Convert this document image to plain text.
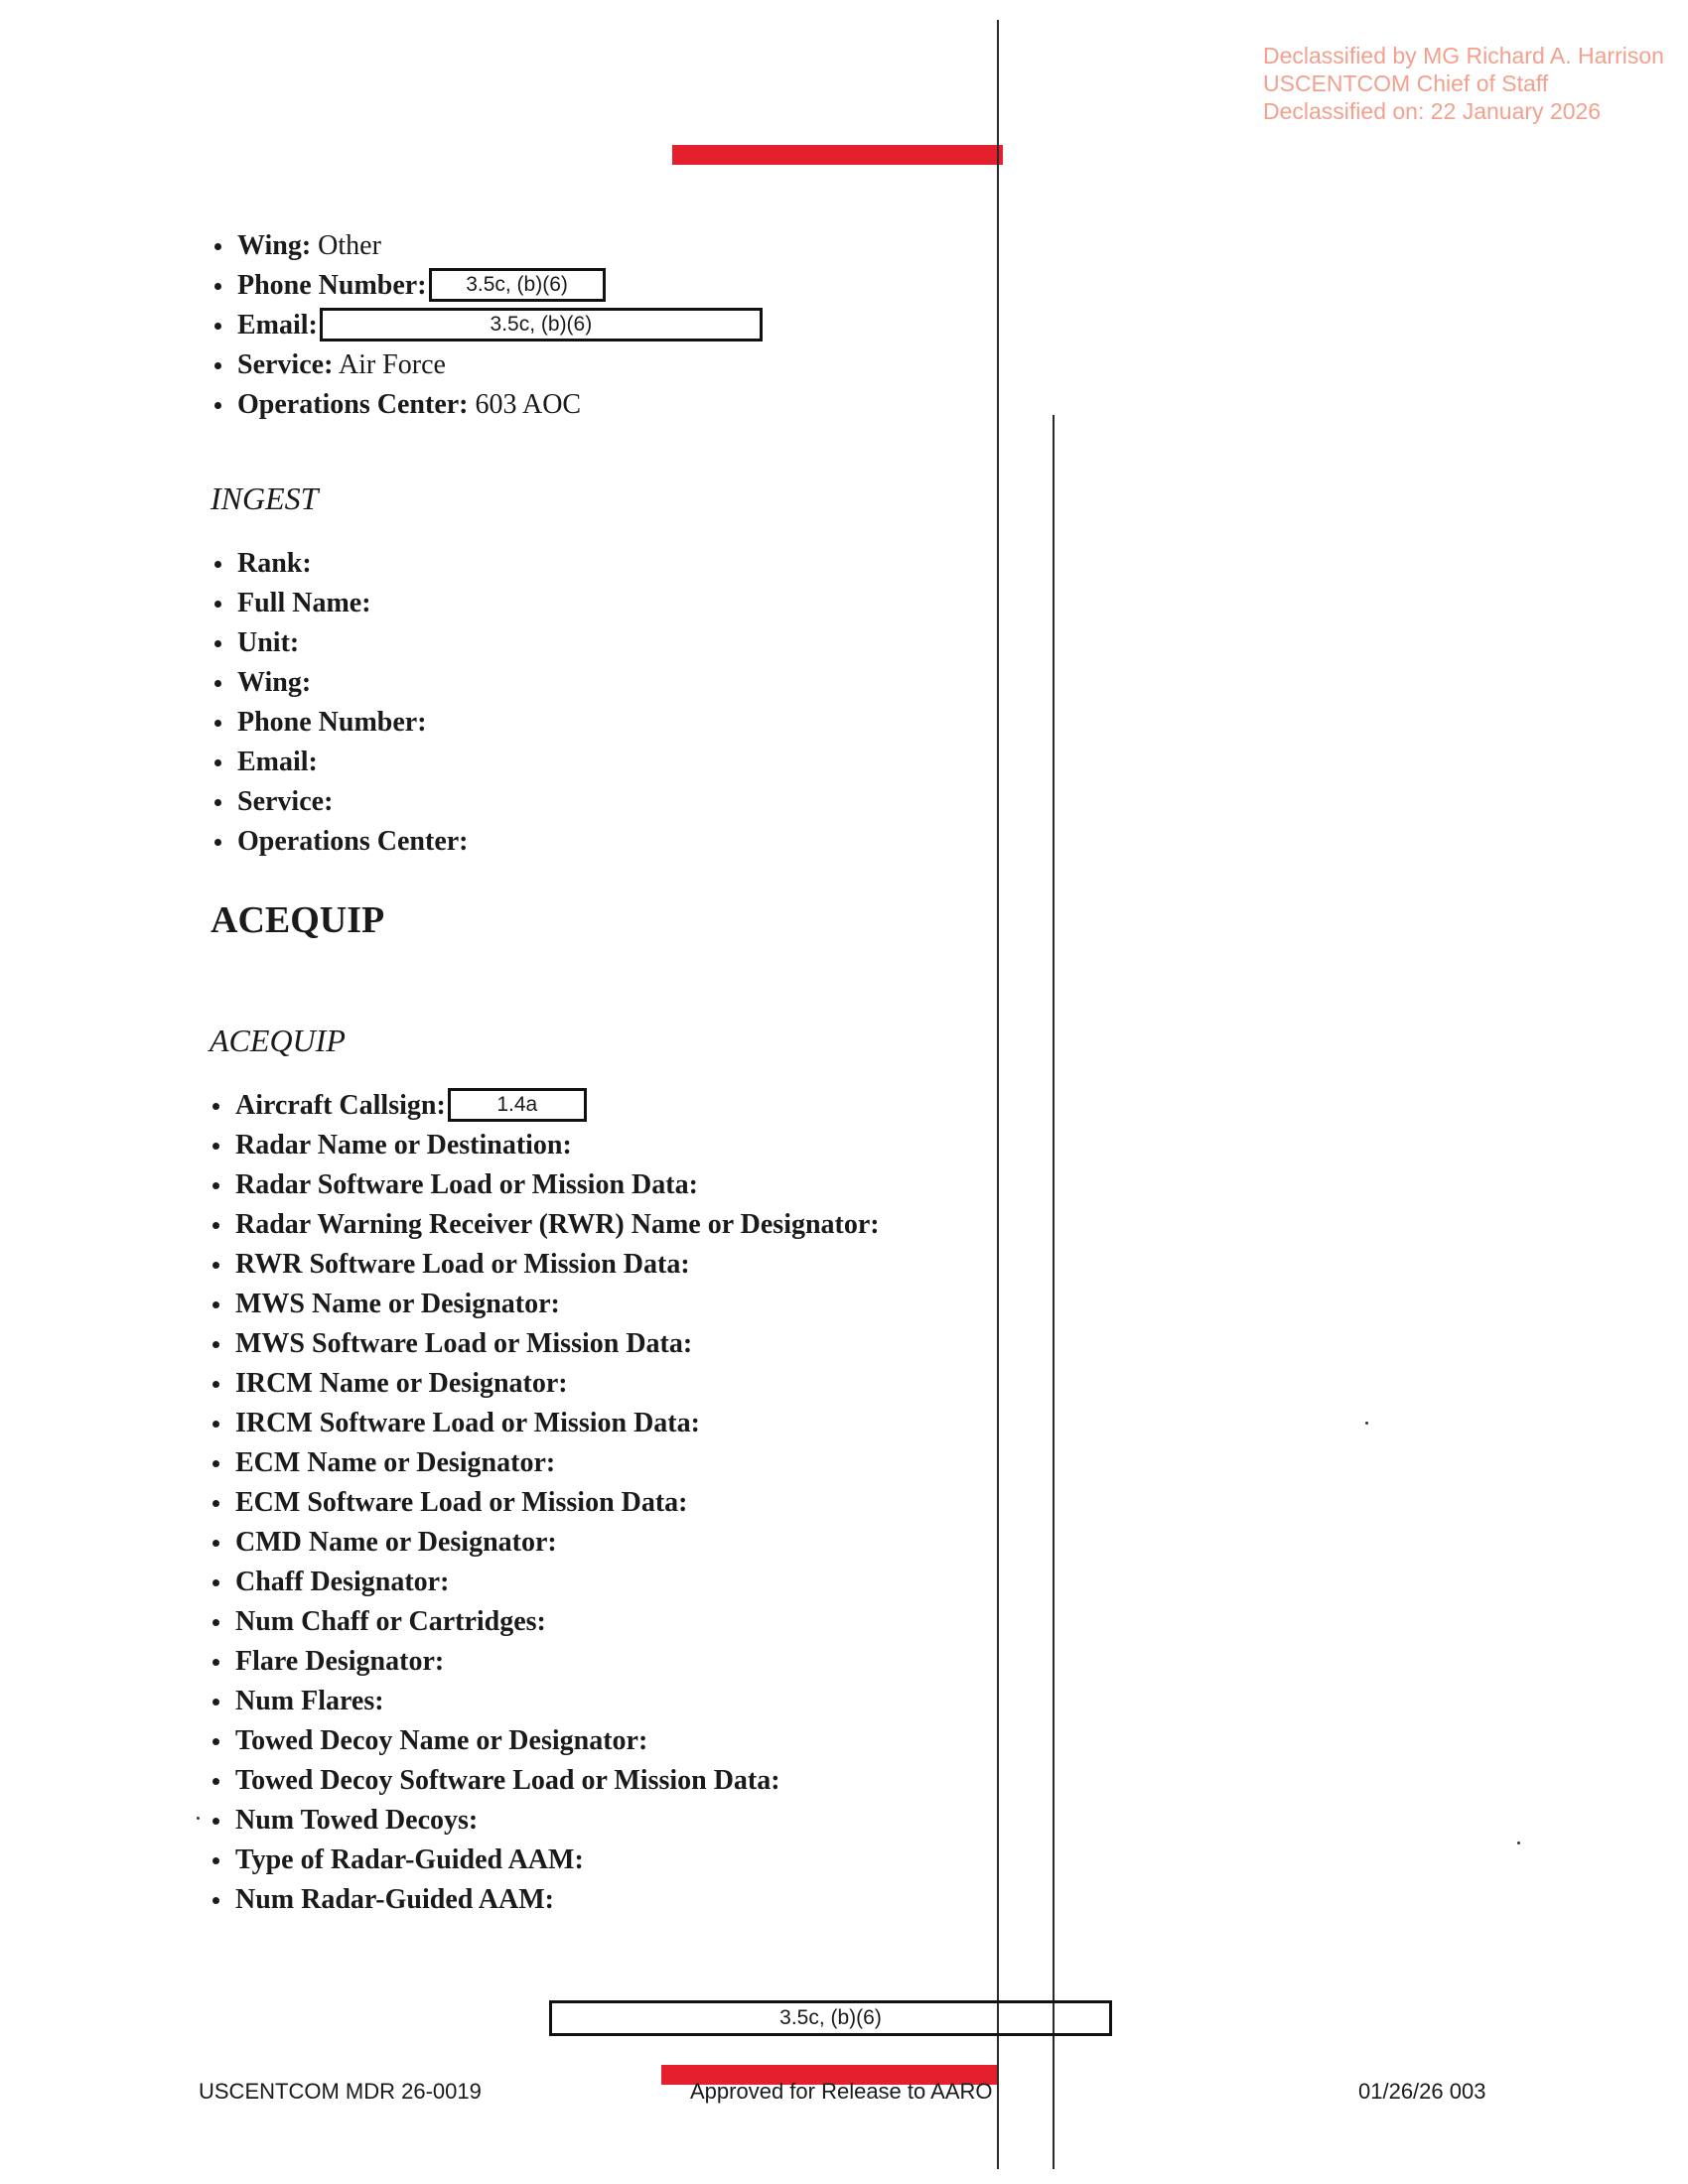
Declassified by MG Richard A. Harrison
USCENTCOM Chief of Staff
Declassified on: 22 January 2026
Wing: Other
Phone Number: 3.5c, (b)(6)
Email:	3.5c, (b)(6)
Service: Air Force
Operations Center: 603 AOC
INGEST
Rank:
Full Name:
Unit:
Wing:
Phone Number:
Email:
Service:
Operations Center:
ACEQUIP
ACEQUIP
Aircraft Callsign: 1.4a
Radar Name or Destination:
Radar Software Load or Mission Data:
Radar Warning Receiver (RWR) Name or Designator:
RWR Software Load or Mission Data:
MWS Name or Designator:
MWS Software Load or Mission Data:
IRCM Name or Designator:
IRCM Software Load or Mission Data:
ECM Name or Designator:
ECM Software Load or Mission Data:
CMD Name or Designator:
Chaff Designator:
Num Chaff or Cartridges:
Flare Designator:
Num Flares:
Towed Decoy Name or Designator:
Towed Decoy Software Load or Mission Data:
Num Towed Decoys:
Type of Radar-Guided AAM:
Num Radar-Guided AAM:
3.5c, (b)(6)
USCENTCOM MDR 26-0019	Approved for Release to AARO	01/26/26 003
